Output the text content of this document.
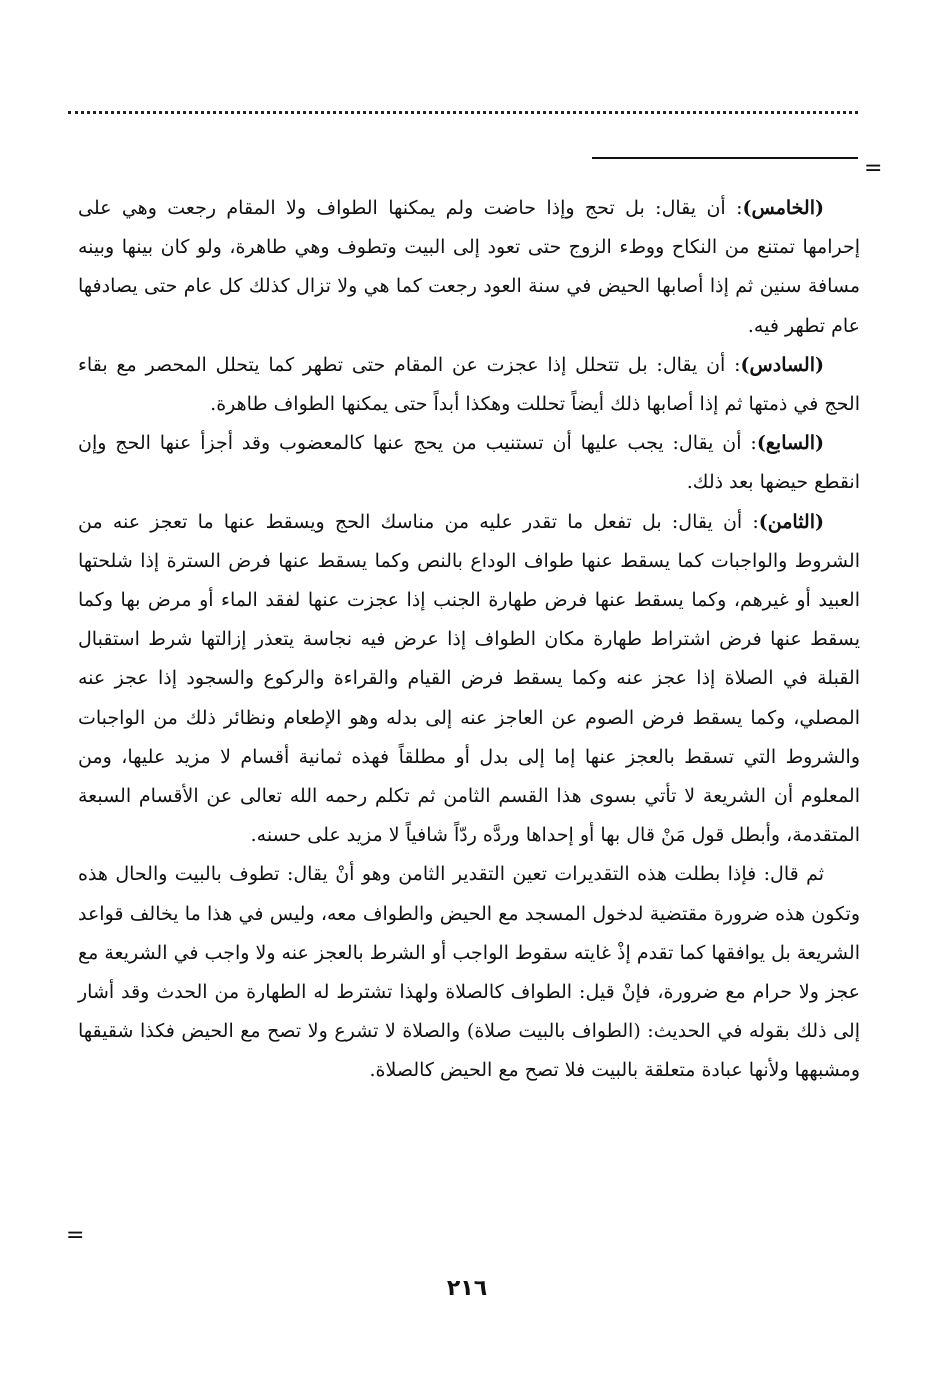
=

(الخامس): أن يقال: بل تحج وإذا حاضت ولم يمكنها الطواف ولا المقام رجعت وهي على إحرامها تمتنع من النكاح ووطء الزوج حتى تعود إلى البيت وتطوف وهي طاهرة، ولو كان بينها وبينه مسافة سنين ثم إذا أصابها الحيض في سنة العود رجعت كما هي ولا تزال كذلك كل عام حتى يصادفها عام تطهر فيه.

(السادس): أن يقال: بل تتحلل إذا عجزت عن المقام حتى تطهر كما يتحلل المحصر مع بقاء الحج في ذمتها ثم إذا أصابها ذلك أيضاً تحللت وهكذا أبداً حتى يمكنها الطواف طاهرة.

(السابع): أن يقال: يجب عليها أن تستنيب من يحج عنها كالمعضوب وقد أجزأ عنها الحج وإن انقطع حيضها بعد ذلك.

(الثامن): أن يقال: بل تفعل ما تقدر عليه من مناسك الحج ويسقط عنها ما تعجز عنه من الشروط والواجبات كما يسقط عنها طواف الوداع بالنص وكما يسقط عنها فرض السترة إذا شلحتها العبيد أو غيرهم، وكما يسقط عنها فرض طهارة الجنب إذا عجزت عنها لفقد الماء أو مرض بها وكما يسقط عنها فرض اشتراط طهارة مكان الطواف إذا عرض فيه نجاسة يتعذر إزالتها شرط استقبال القبلة في الصلاة إذا عجز عنه وكما يسقط فرض القيام والقراءة والركوع والسجود إذا عجز عنه المصلي، وكما يسقط فرض الصوم عن العاجز عنه إلى بدله وهو الإطعام ونظائر ذلك من الواجبات والشروط التي تسقط بالعجز عنها إما إلى بدل أو مطلقاً فهذه ثمانية أقسام لا مزيد عليها، ومن المعلوم أن الشريعة لا تأتي بسوى هذا القسم الثامن ثم تكلم رحمه الله تعالى عن الأقسام السبعة المتقدمة، وأبطل قول مَنْ قال بها أو إحداها وردَّه ردّاً شافياً لا مزيد على حسنه.

ثم قال: فإذا بطلت هذه التقديرات تعين التقدير الثامن وهو أنْ يقال: تطوف بالبيت والحال هذه وتكون هذه ضرورة مقتضية لدخول المسجد مع الحيض والطواف معه، وليس في هذا ما يخالف قواعد الشريعة بل يوافقها كما تقدم إذْ غايته سقوط الواجب أو الشرط بالعجز عنه ولا واجب في الشريعة مع عجز ولا حرام مع ضرورة، فإنْ قيل: الطواف كالصلاة ولهذا تشترط له الطهارة من الحدث وقد أشار إلى ذلك بقوله في الحديث: (الطواف بالبيت صلاة) والصلاة لا تشرع ولا تصح مع الحيض فكذا شقيقها ومشبهها ولأنها عبادة متعلقة بالبيت فلا تصح مع الحيض كالصلاة.

=
٢١٦
